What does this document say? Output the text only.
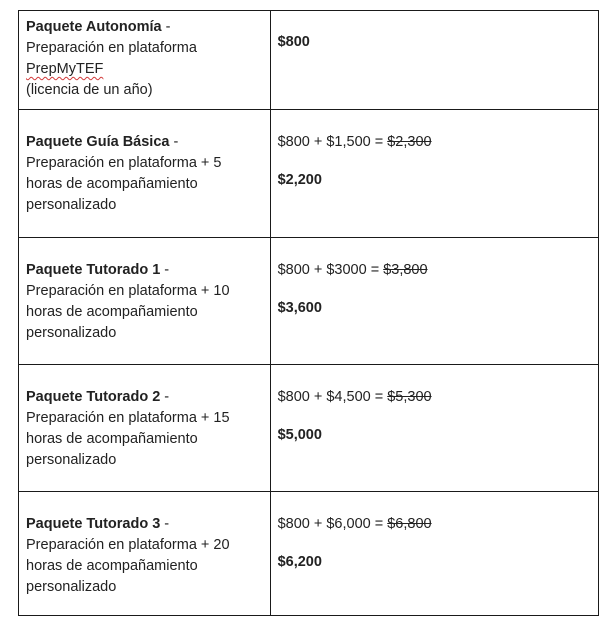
Paquete Autonomía -
Preparación en plataforma
PrepMyTEF
(licencia de un año)
$800
Paquete Guía Básica -
Preparación en plataforma + 5
horas de acompañamiento
personalizado
$800 + $1,500 = $2,300
$2,200
Paquete Tutorado 1 -
Preparación en plataforma + 10
horas de acompañamiento
personalizado
$800 + $3000 = $3,800
$3,600
Paquete Tutorado 2 -
Preparación en plataforma + 15
horas de acompañamiento
personalizado
$800 + $4,500 = $5,300
$5,000
Paquete Tutorado 3 -
Preparación en plataforma + 20
horas de acompañamiento
personalizado
$800 + $6,000 = $6,800
$6,200
